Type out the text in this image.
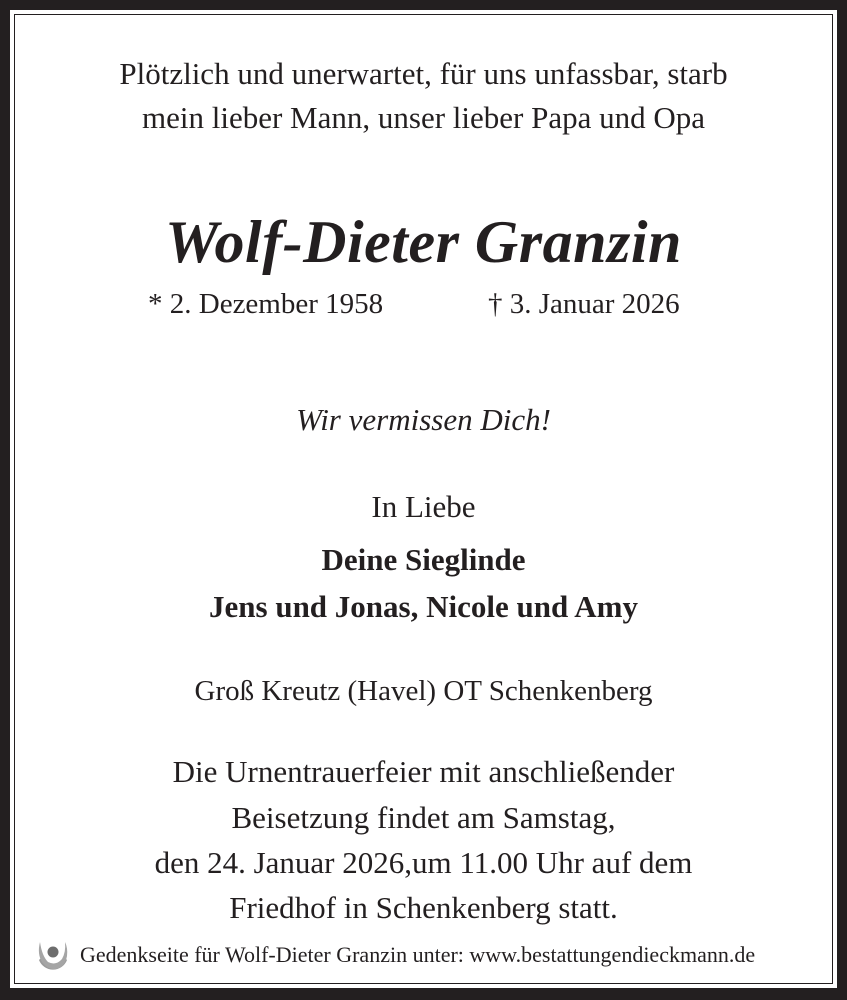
Plötzlich und unerwartet, für uns unfassbar, starb
mein lieber Mann, unser lieber Papa und Opa
Wolf-Dieter Granzin
* 2. Dezember 1958	† 3. Januar 2026
Wir vermissen Dich!
In Liebe
Deine Sieglinde
Jens und Jonas, Nicole und Amy
Groß Kreutz (Havel) OT Schenkenberg
Die Urnentrauerfeier mit anschließender
Beisetzung findet am Samstag,
den 24. Januar 2026,um 11.00 Uhr auf dem
Friedhof in Schenkenberg statt.
Gedenkseite für Wolf-Dieter Granzin unter: www.bestattungendieckmann.de
